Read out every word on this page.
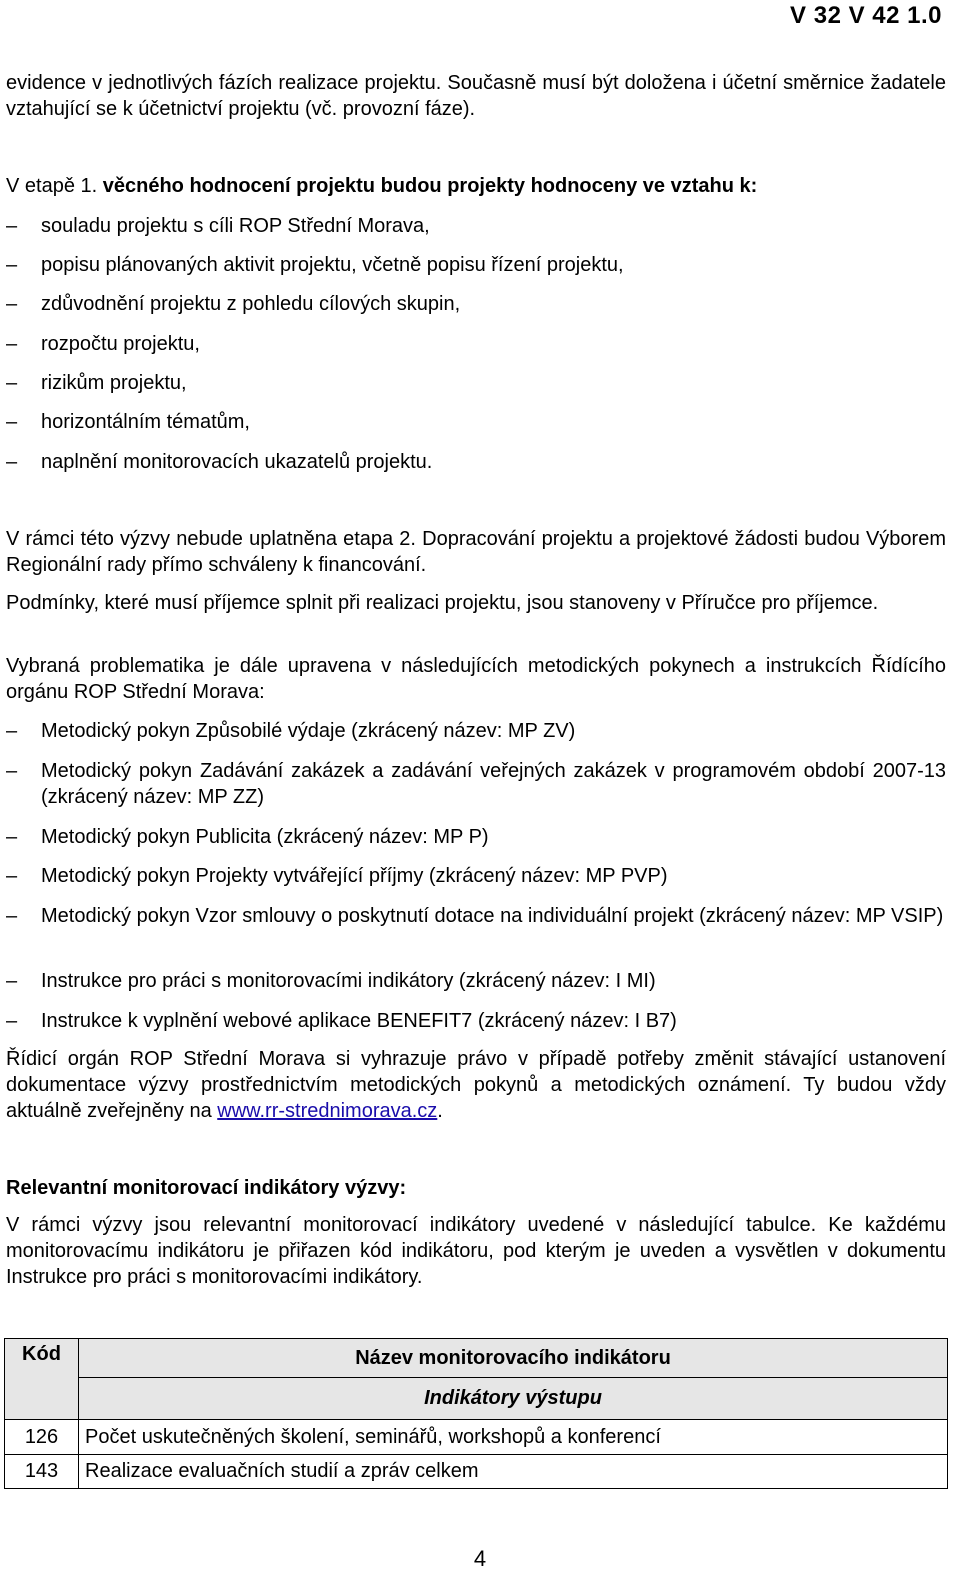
V 32 V 42 1.0
evidence v jednotlivých fázích realizace projektu. Současně musí být doložena i účetní směrnice žadatele vztahující se k účetnictví projektu (vč. provozní fáze).
V etapě 1. věcného hodnocení projektu budou projekty hodnoceny ve vztahu k:
–	souladu projektu s cíli ROP Střední Morava,
–	popisu plánovaných aktivit projektu, včetně popisu řízení projektu,
–	zdůvodnění projektu z pohledu cílových skupin,
–	rozpočtu projektu,
–	rizikům projektu,
–	horizontálním tématům,
–	naplnění monitorovacích ukazatelů projektu.
V rámci této výzvy nebude uplatněna etapa 2. Dopracování projektu a projektové žádosti budou Výborem Regionální rady přímo schváleny k financování.
Podmínky, které musí příjemce splnit při realizaci projektu, jsou stanoveny v Příručce pro příjemce.
Vybraná problematika je dále upravena v následujících metodických pokynech a instrukcích Řídícího orgánu ROP Střední Morava:
–	Metodický pokyn Způsobilé výdaje (zkrácený název: MP ZV)
–	Metodický pokyn Zadávání zakázek a zadávání veřejných zakázek v programovém období 2007-13 (zkrácený název: MP ZZ)
–	Metodický pokyn Publicita (zkrácený název: MP P)
–	Metodický pokyn Projekty vytvářející příjmy (zkrácený název: MP PVP)
–	Metodický pokyn Vzor smlouvy o poskytnutí dotace na individuální projekt (zkrácený název: MP VSIP)
–	Instrukce pro práci s monitorovacími indikátory (zkrácený název: I MI)
–	Instrukce k vyplnění webové aplikace BENEFIT7 (zkrácený název: I B7)
Řídicí orgán ROP Střední Morava si vyhrazuje právo v případě potřeby změnit stávající ustanovení dokumentace výzvy prostřednictvím metodických pokynů a metodických oznámení. Ty budou vždy aktuálně zveřejněny na www.rr-strednimorava.cz.
Relevantní monitorovací indikátory výzvy:
V rámci výzvy jsou relevantní monitorovací indikátory uvedené v následující tabulce. Ke každému monitorovacímu indikátoru je přiřazen kód indikátoru, pod kterým je uveden a vysvětlen v dokumentu Instrukce pro práci s monitorovacími indikátory.
Kód	Název monitorovacího indikátoru
	Indikátory výstupu
126	Počet uskutečněných školení, seminářů, workshopů a konferencí
143	Realizace evaluačních studií a zpráv celkem
4
